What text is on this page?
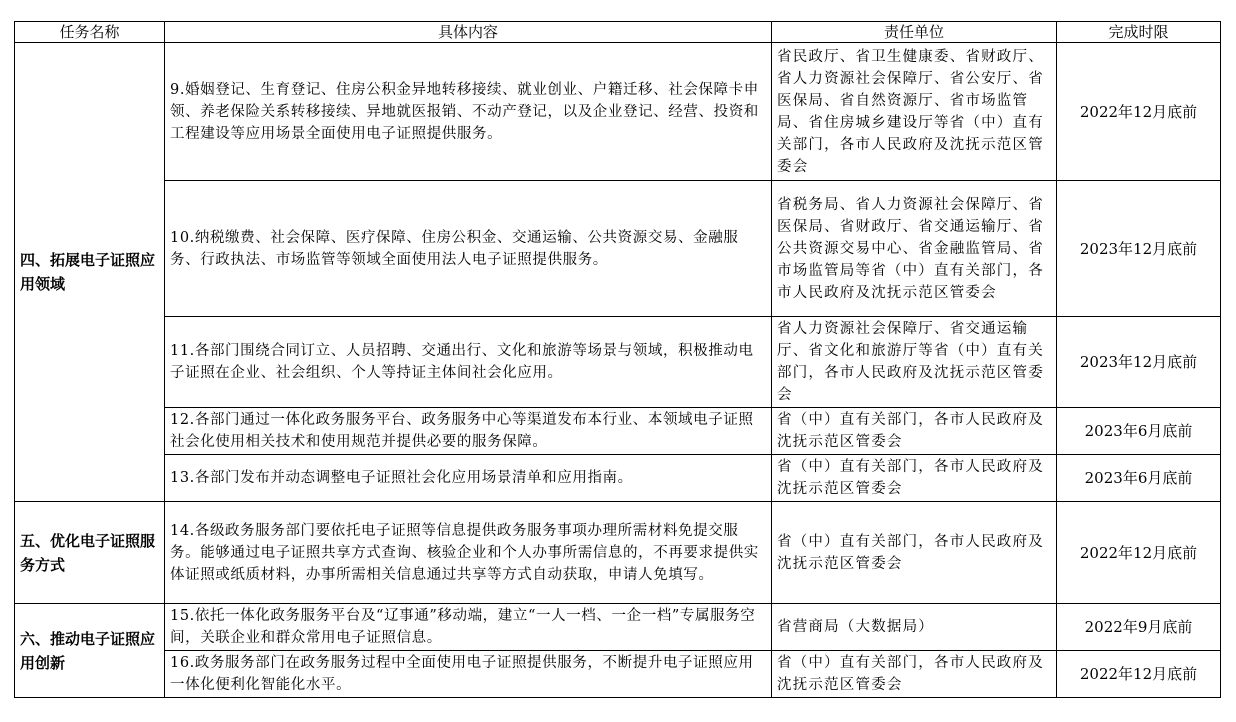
任务名称	具体内容	责任单位	完成时限
四、拓展电子证照应用领域	9.婚姻登记、生育登记、住房公积金异地转移接续、就业创业、户籍迁移、社会保障卡申领、养老保险关系转移接续、异地就医报销、不动产登记，以及企业登记、经营、投资和工程建设等应用场景全面使用电子证照提供服务。	省民政厅、省卫生健康委、省财政厅、省人力资源社会保障厅、省公安厅、省医保局、省自然资源厅、省市场监管局、省住房城乡建设厅等省（中）直有关部门，各市人民政府及沈抚示范区管委会	2022年12月底前
	10.纳税缴费、社会保障、医疗保障、住房公积金、交通运输、公共资源交易、金融服务、行政执法、市场监管等领域全面使用法人电子证照提供服务。	省税务局、省人力资源社会保障厅、省医保局、省财政厅、省交通运输厅、省公共资源交易中心、省金融监管局、省市场监管局等省（中）直有关部门，各市人民政府及沈抚示范区管委会	2023年12月底前
	11.各部门围绕合同订立、人员招聘、交通出行、文化和旅游等场景与领域，积极推动电子证照在企业、社会组织、个人等持证主体间社会化应用。	省人力资源社会保障厅、省交通运输厅、省文化和旅游厅等省（中）直有关部门，各市人民政府及沈抚示范区管委会	2023年12月底前
	12.各部门通过一体化政务服务平台、政务服务中心等渠道发布本行业、本领域电子证照社会化使用相关技术和使用规范并提供必要的服务保障。	省（中）直有关部门，各市人民政府及沈抚示范区管委会	2023年6月底前
	13.各部门发布并动态调整电子证照社会化应用场景清单和应用指南。	省（中）直有关部门，各市人民政府及沈抚示范区管委会	2023年6月底前
五、优化电子证照服务方式	14.各级政务服务部门要依托电子证照等信息提供政务服务事项办理所需材料免提交服务。能够通过电子证照共享方式查询、核验企业和个人办事所需信息的，不再要求提供实体证照或纸质材料，办事所需相关信息通过共享等方式自动获取，申请人免填写。	省（中）直有关部门，各市人民政府及沈抚示范区管委会	2022年12月底前
六、推动电子证照应用创新	15.依托一体化政务服务平台及“辽事通”移动端，建立“一人一档、一企一档”专属服务空间，关联企业和群众常用电子证照信息。	省营商局（大数据局）	2022年9月底前
	16.政务服务部门在政务服务过程中全面使用电子证照提供服务，不断提升电子证照应用一体化便利化智能化水平。	省（中）直有关部门，各市人民政府及沈抚示范区管委会	2022年12月底前
